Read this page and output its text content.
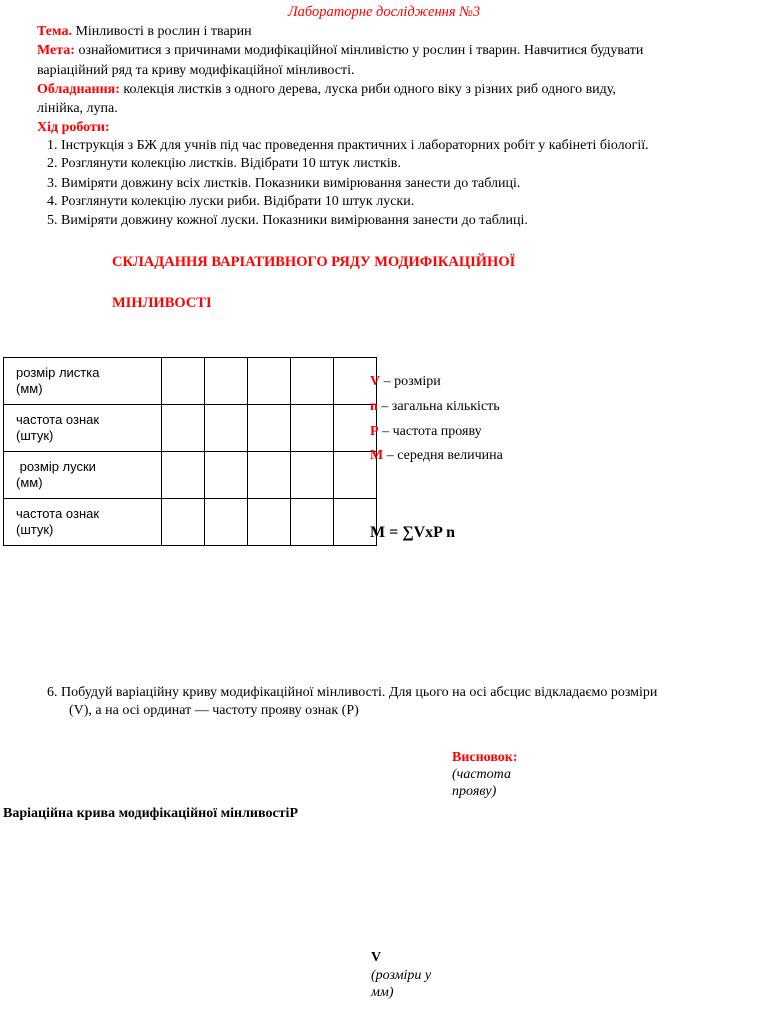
Лабораторне дослідження №3
Тема. Мінливості в рослин і тварин
Мета: ознайомитися з причинами модифікаційної мінливістю у рослин і тварин. Навчитися будувати
варіаційний ряд та криву модифікаційної мінливості.
Обладнання: колекція листків з одного дерева, луска риби одного віку з різних риб одного виду,
лінійка, лупа.
Хід роботи:
1. Інструкція з БЖ для учнів під час проведення практичних і лабораторних робіт у кабінеті біології.
2. Розглянути колекцію листків. Відібрати 10 штук листків.
3. Виміряти довжину всіх листків. Показники вимірювання занести до таблиці.
4. Розглянути колекцію луски риби. Відібрати 10 штук луски.
5. Виміряти довжину кожної луски. Показники вимірювання занести до таблиці.
СКЛАДАННЯ ВАРІАТИВНОГО РЯДУ МОДИФІКАЦІЙНОЇ
МІНЛИВОСТІ
розмір листка
(мм)					
частота ознак
(штук)					
розмір луски
(мм)					
частота ознак
(штук)					
V – розміри
n – загальна кількість
P – частота прояву
M – середня величина
M = ∑VxP n
6. Побудуй варіаційну криву модифікаційної мінливості. Для цього на осі абсцис відкладаємо розміри
(V), а на осі ординат — частоту прояву ознак (P)
Висновок:
(частота
прояву)
Варіаційна крива модифікаційної мінливостіР
V
(розміри у
мм)
